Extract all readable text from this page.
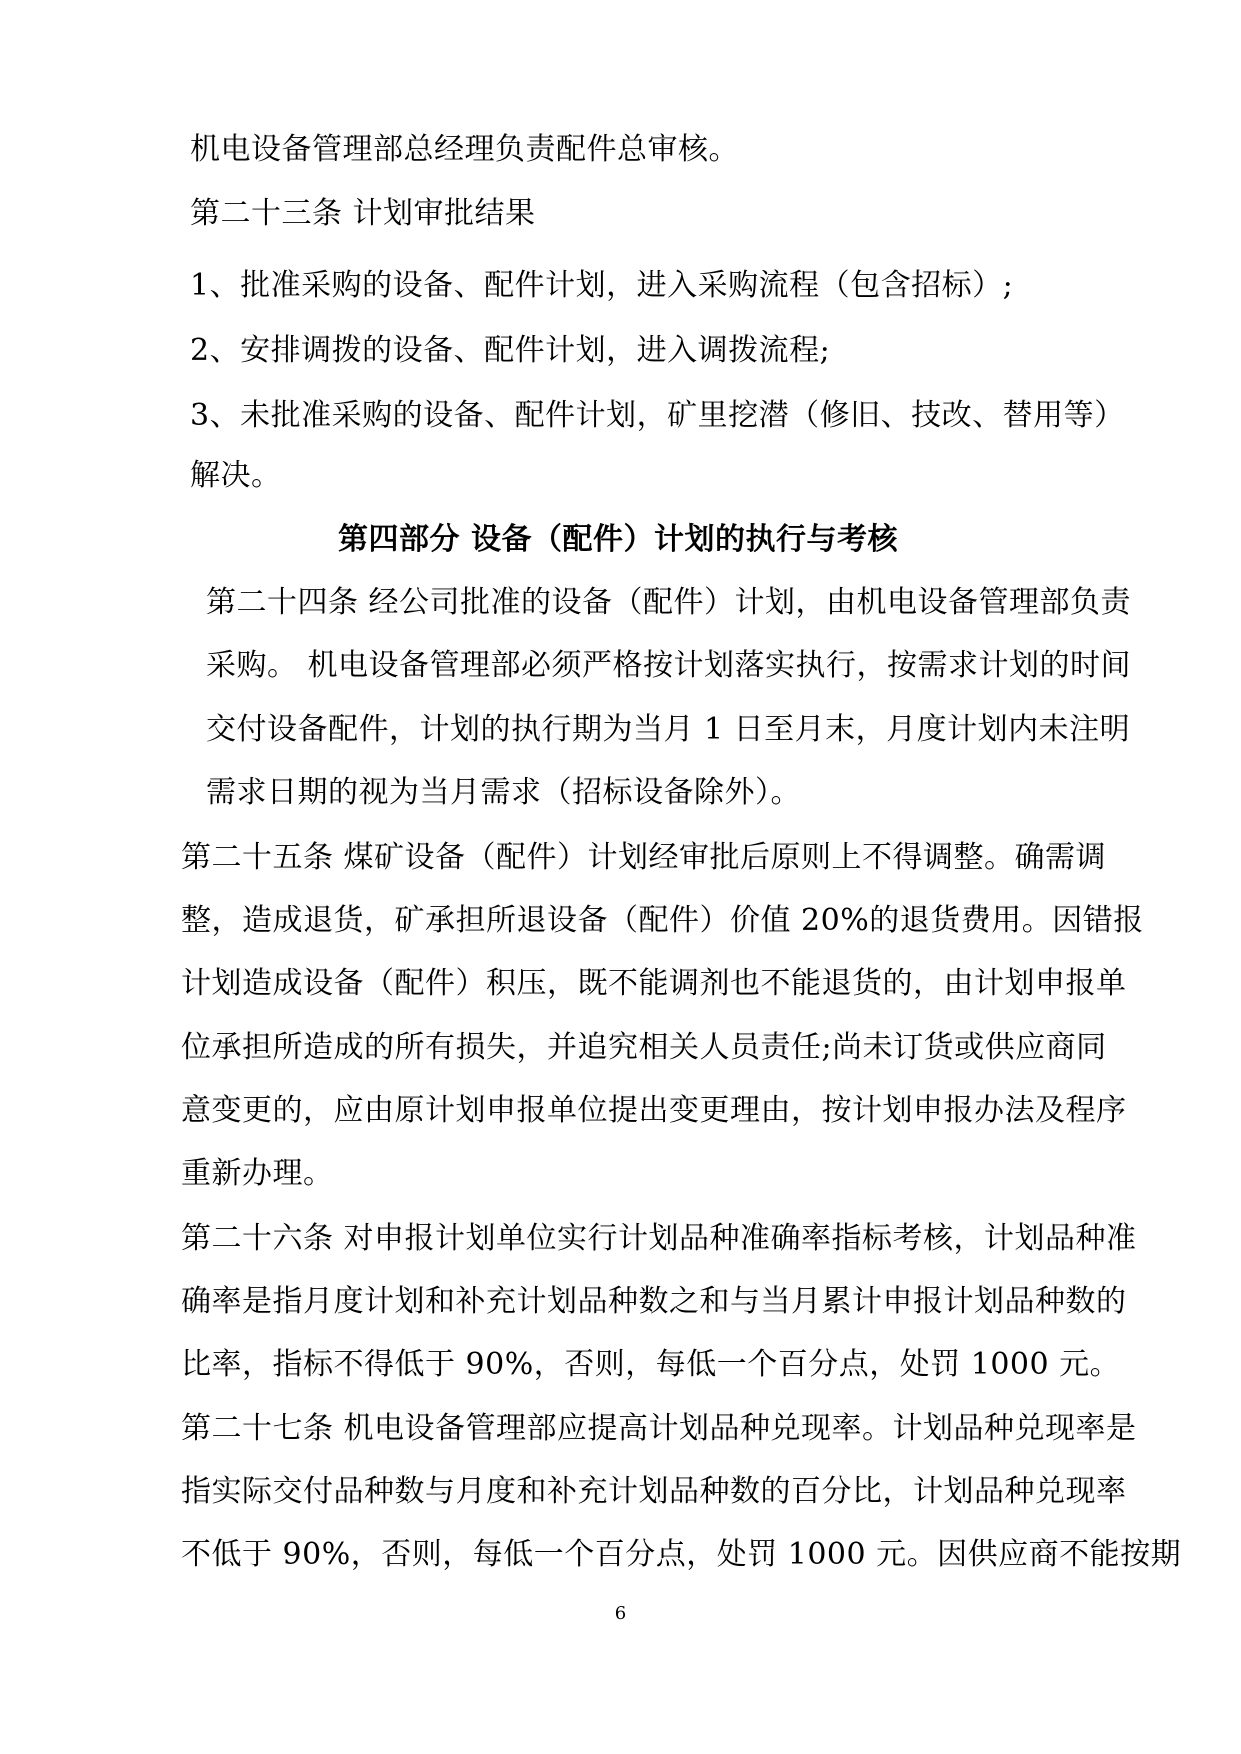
机电设备管理部总经理负责配件总审核。
第二十三条 计划审批结果
1、批准采购的设备、配件计划，进入采购流程（包含招标）;
2、安排调拨的设备、配件计划，进入调拨流程;
3、未批准采购的设备、配件计划，矿里挖潜（修旧、技改、替用等）
解决。
第四部分 设备（配件）计划的执行与考核
第二十四条 经公司批准的设备（配件）计划，由机电设备管理部负责
采购。 机电设备管理部必须严格按计划落实执行，按需求计划的时间
交付设备配件，计划的执行期为当月 1 日至月末，月度计划内未注明
需求日期的视为当月需求（招标设备除外）。
第二十五条 煤矿设备（配件）计划经审批后原则上不得调整。确需调
整，造成退货，矿承担所退设备（配件）价值 20%的退货费用。因错报
计划造成设备（配件）积压，既不能调剂也不能退货的，由计划申报单
位承担所造成的所有损失，并追究相关人员责任;尚未订货或供应商同
意变更的，应由原计划申报单位提出变更理由，按计划申报办法及程序
重新办理。
第二十六条 对申报计划单位实行计划品种准确率指标考核，计划品种准
确率是指月度计划和补充计划品种数之和与当月累计申报计划品种数的
比率，指标不得低于 90%，否则，每低一个百分点，处罚 1000 元。
第二十七条 机电设备管理部应提高计划品种兑现率。计划品种兑现率是
指实际交付品种数与月度和补充计划品种数的百分比，计划品种兑现率
不低于 90%，否则，每低一个百分点，处罚 1000 元。因供应商不能按期
6
